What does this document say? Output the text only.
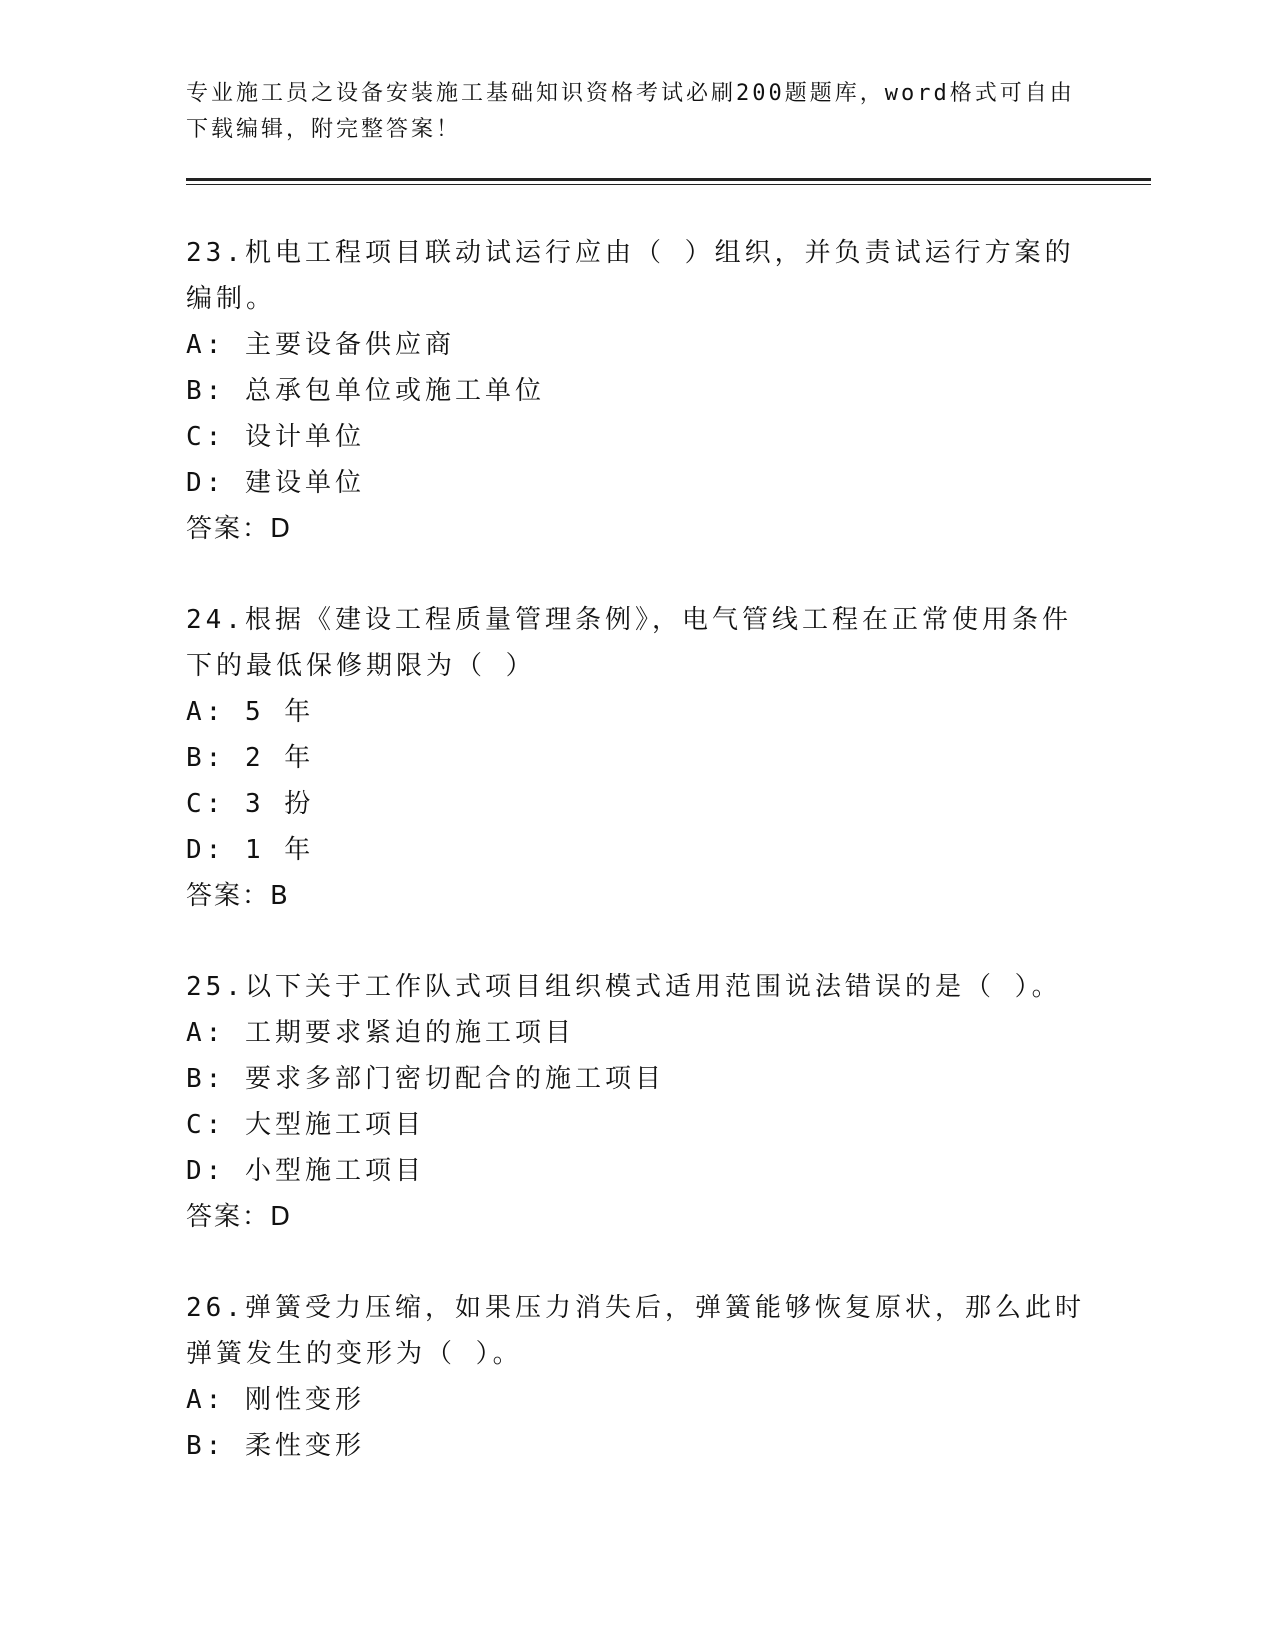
专业施工员之设备安装施工基础知识资格考试必刷200题题库，word格式可自由下载编辑，附完整答案！
23.机电工程项目联动试运行应由（ ）组织，并负责试运行方案的编制。
A: 主要设备供应商
B: 总承包单位或施工单位
C: 设计单位
D: 建设单位
答案：D
24.根据《建设工程质量管理条例》，电气管线工程在正常使用条件下的最低保修期限为（ ）
A: 5 年
B: 2 年
C: 3 扮
D: 1 年
答案：B
25.以下关于工作队式项目组织模式适用范围说法错误的是（ ）。
A: 工期要求紧迫的施工项目
B: 要求多部门密切配合的施工项目
C: 大型施工项目
D: 小型施工项目
答案：D
26.弹簧受力压缩，如果压力消失后，弹簧能够恢复原状，那么此时弹簧发生的变形为（ ）。
A: 刚性变形
B: 柔性变形
